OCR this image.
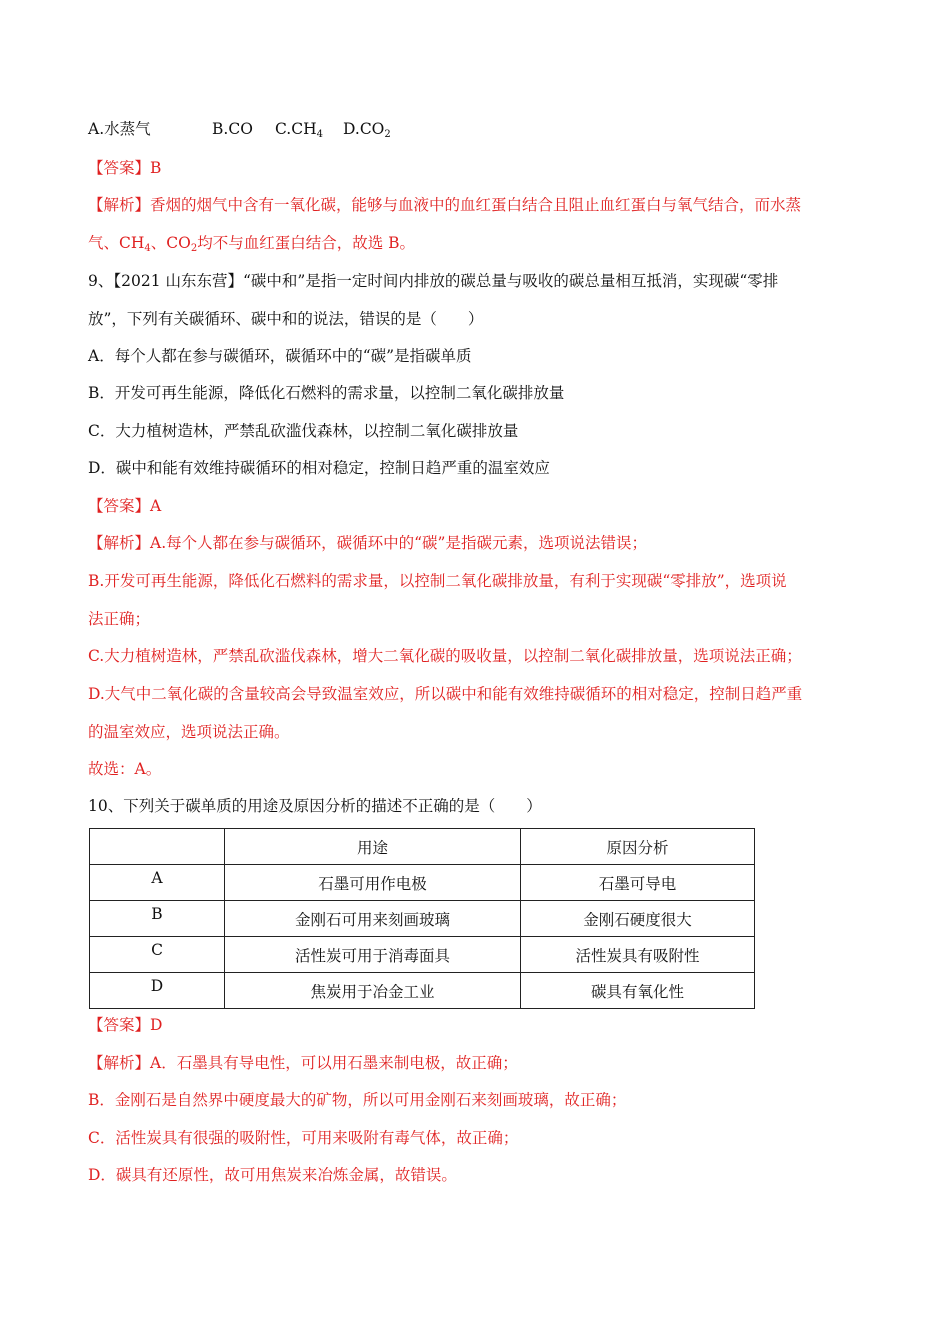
A.水蒸气	B.CO $C.CH_4$ $D.CO_2$
【答案】B
【解析】香烟的烟气中含有一氧化碳，能够与血液中的血红蛋白结合且阻止血红蛋白与氧气结合，而水蒸
气、$CH_4$、$CO_2$均不与血红蛋白结合，故选 B。
9、【2021 山东东营】“碳中和”是指一定时间内排放的碳总量与吸收的碳总量相互抵消，实现碳“零排
放”，下列有关碳循环、碳中和的说法，错误的是（　　）
A．每个人都在参与碳循环，碳循环中的“碳”是指碳单质
B．开发可再生能源，降低化石燃料的需求量，以控制二氧化碳排放量
C．大力植树造林，严禁乱砍滥伐森林，以控制二氧化碳排放量
D．碳中和能有效维持碳循环的相对稳定，控制日趋严重的温室效应
【答案】A
【解析】A.每个人都在参与碳循环，碳循环中的“碳”是指碳元素，选项说法错误；
B.开发可再生能源，降低化石燃料的需求量，以控制二氧化碳排放量，有利于实现碳“零排放”，选项说
法正确；
C.大力植树造林，严禁乱砍滥伐森林，增大二氧化碳的吸收量，以控制二氧化碳排放量，选项说法正确；
D.大气中二氧化碳的含量较高会导致温室效应，所以碳中和能有效维持碳循环的相对稳定，控制日趋严重
的温室效应，选项说法正确。
故选：A。
10、下列关于碳单质的用途及原因分析的描述不正确的是（　　）
	用途	原因分析
A	石墨可用作电极	石墨可导电
B	金刚石可用来刻画玻璃	金刚石硬度很大
C	活性炭可用于消毒面具	活性炭具有吸附性
D	焦炭用于冶金工业	碳具有氧化性
【答案】D
【解析】A．石墨具有导电性，可以用石墨来制电极，故正确；
B．金刚石是自然界中硬度最大的矿物，所以可用金刚石来刻画玻璃，故正确；
C．活性炭具有很强的吸附性，可用来吸附有毒气体，故正确；
D．碳具有还原性，故可用焦炭来冶炼金属，故错误。
